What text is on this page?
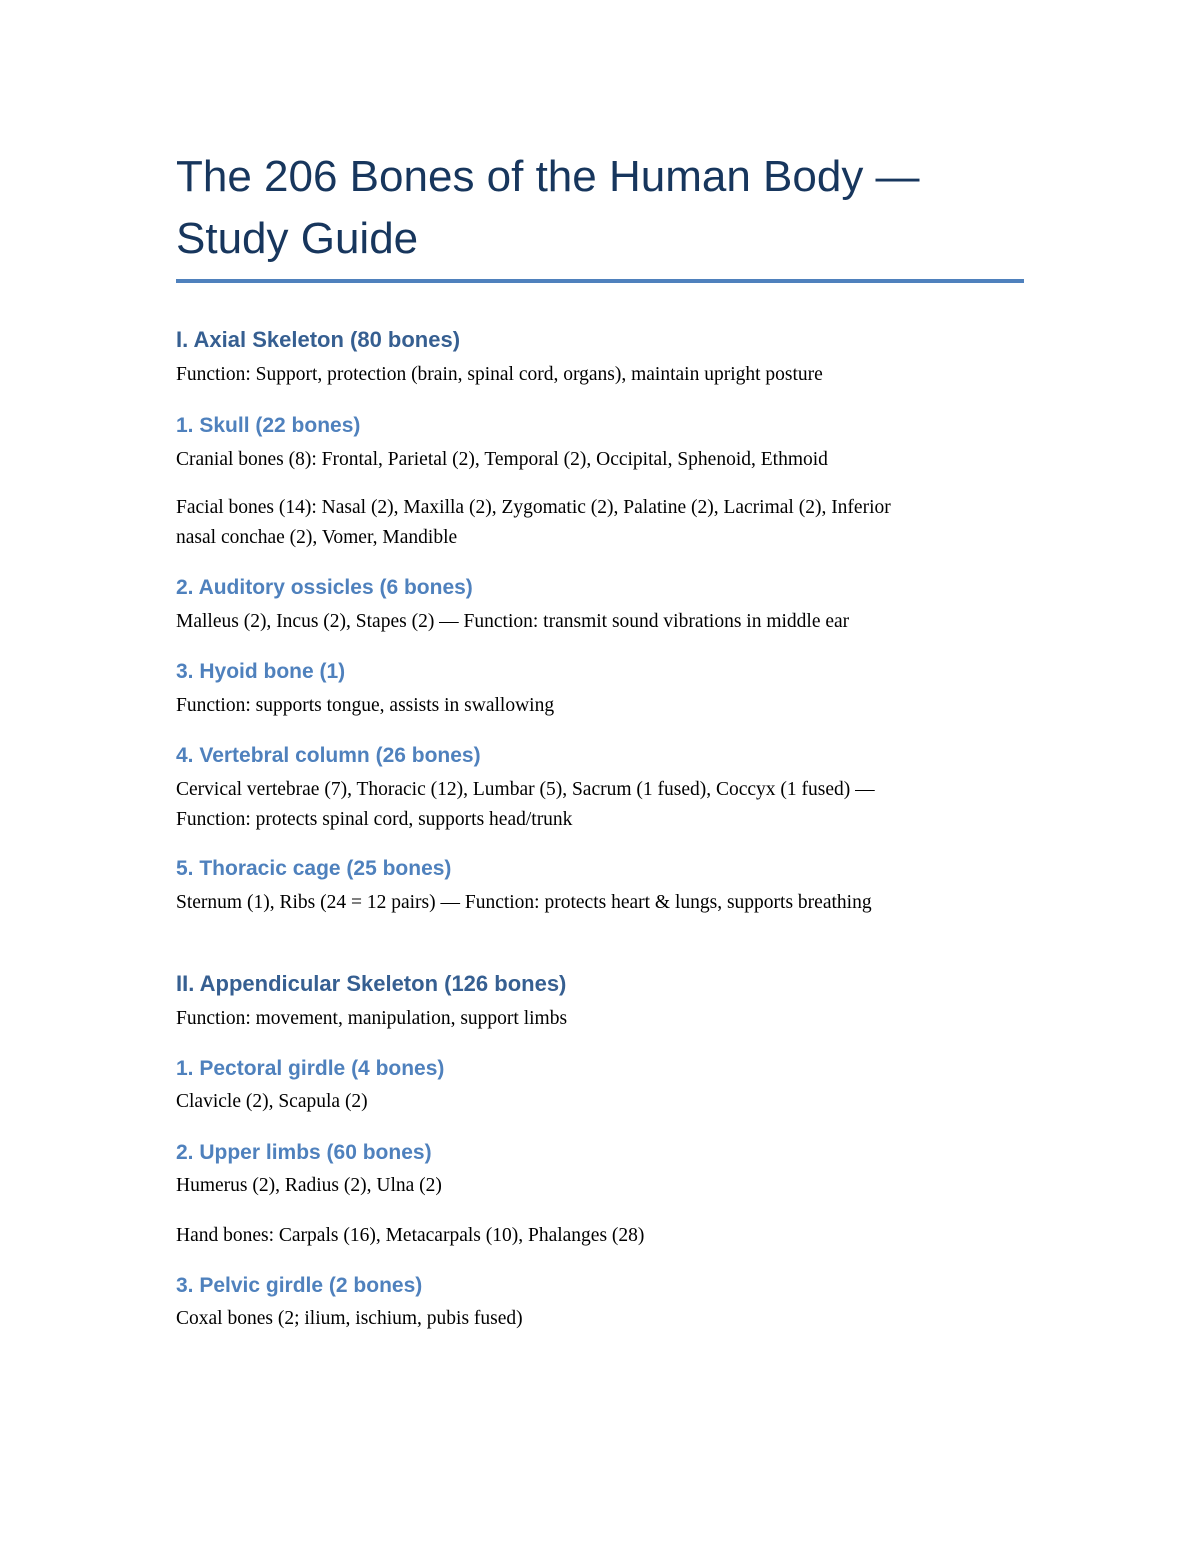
The 206 Bones of the Human Body —
Study Guide
I. Axial Skeleton (80 bones)
Function: Support, protection (brain, spinal cord, organs), maintain upright posture
1. Skull (22 bones)
Cranial bones (8): Frontal, Parietal (2), Temporal (2), Occipital, Sphenoid, Ethmoid
Facial bones (14): Nasal (2), Maxilla (2), Zygomatic (2), Palatine (2), Lacrimal (2), Inferior
nasal conchae (2), Vomer, Mandible
2. Auditory ossicles (6 bones)
Malleus (2), Incus (2), Stapes (2) — Function: transmit sound vibrations in middle ear
3. Hyoid bone (1)
Function: supports tongue, assists in swallowing
4. Vertebral column (26 bones)
Cervical vertebrae (7), Thoracic (12), Lumbar (5), Sacrum (1 fused), Coccyx (1 fused) —
Function: protects spinal cord, supports head/trunk
5. Thoracic cage (25 bones)
Sternum (1), Ribs (24 = 12 pairs) — Function: protects heart & lungs, supports breathing
II. Appendicular Skeleton (126 bones)
Function: movement, manipulation, support limbs
1. Pectoral girdle (4 bones)
Clavicle (2), Scapula (2)
2. Upper limbs (60 bones)
Humerus (2), Radius (2), Ulna (2)
Hand bones: Carpals (16), Metacarpals (10), Phalanges (28)
3. Pelvic girdle (2 bones)
Coxal bones (2; ilium, ischium, pubis fused)
